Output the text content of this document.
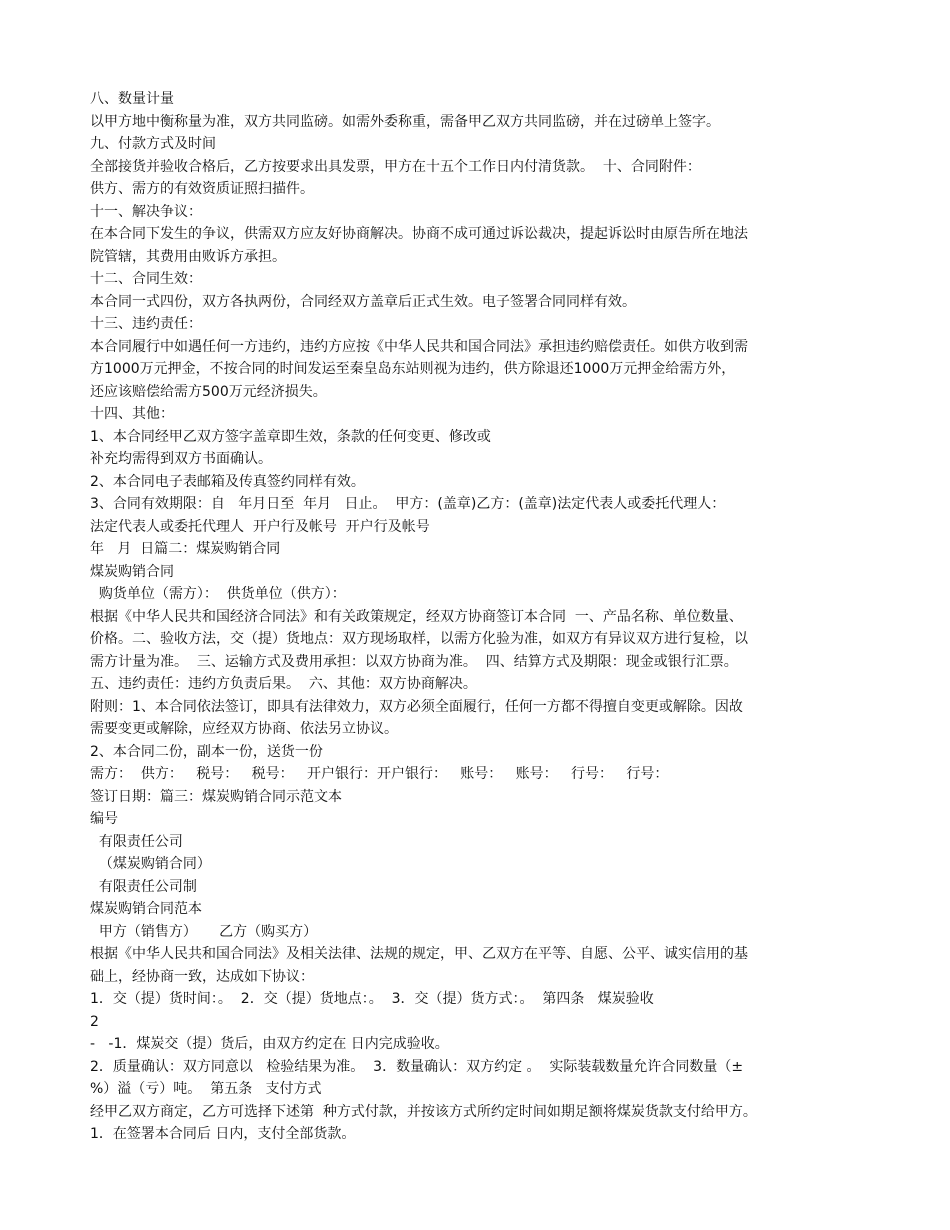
八、数量计量
以甲方地中衡称量为准，双方共同监磅。如需外委称重，需备甲乙双方共同监磅，并在过磅单上签字。
九、付款方式及时间
全部接货并验收合格后，乙方按要求出具发票，甲方在十五个工作日内付清货款。  十、合同附件：
供方、需方的有效资质证照扫描件。
十一、解决争议：
在本合同下发生的争议，供需双方应友好协商解决。协商不成可通过诉讼裁决，提起诉讼时由原告所在地法
院管辖，其费用由败诉方承担。
十二、合同生效：
本合同一式四份，双方各执两份，合同经双方盖章后正式生效。电子签署合同同样有效。
十三、违约责任：
本合同履行中如遇任何一方违约，违约方应按《中华人民共和国合同法》承担违约赔偿责任。如供方收到需
方1000万元押金，不按合同的时间发运至秦皇岛东站则视为违约，供方除退还1000万元押金给需方外，
还应该赔偿给需方500万元经济损失。
十四、其他：
1、本合同经甲乙双方签字盖章即生效，条款的任何变更、修改或
补充均需得到双方书面确认。
2、本合同电子表邮箱及传真签约同样有效。
3、合同有效期限：自   年月日至  年月   日止。  甲方：(盖章)乙方：(盖章)法定代表人或委托代理人：
法定代表人或委托代理人  开户行及帐号  开户行及帐号
年   月  日篇二：煤炭购销合同
煤炭购销合同
购货单位（需方）：  供货单位（供方）：
根据《中华人民共和国经济合同法》和有关政策规定，经双方协商签订本合同  一、产品名称、单位数量、
价格。二、验收方法，交（提）货地点：双方现场取样，以需方化验为准，如双方有异议双方进行复检，以
需方计量为准。  三、运输方式及费用承担：以双方协商为准。  四、结算方式及期限：现金或银行汇票。
五、违约责任：违约方负责后果。  六、其他：双方协商解决。
附则：1、本合同依法签订，即具有法律效力，双方必须全面履行，任何一方都不得擅自变更或解除。因故
需要变更或解除，应经双方协商、依法另立协议。
2、本合同二份，副本一份，送货一份
需方：  供方：   税号：   税号：   开户银行：开户银行：   账号：   账号：   行号：   行号：
签订日期：篇三：煤炭购销合同示范文本
编号
有限责任公司
（煤炭购销合同）
有限责任公司制
煤炭购销合同范本
甲方（销售方）     乙方（购买方）
根据《中华人民共和国合同法》及相关法律、法规的规定，甲、乙双方在平等、自愿、公平、诚实信用的基
础上，经协商一致，达成如下协议：
1．交（提）货时间：。  2．交（提）货地点：。  3．交（提）货方式：。  第四条   煤炭验收
2
-   -1．煤炭交（提）货后，由双方约定在 日内完成验收。
2．质量确认：双方同意以   检验结果为准。  3．数量确认：双方约定 。  实际装载数量允许合同数量（±
%）溢（亏）吨。  第五条   支付方式
经甲乙双方商定，乙方可选择下述第  种方式付款，并按该方式所约定时间如期足额将煤炭货款支付给甲方。
1．在签署本合同后 日内，支付全部货款。
